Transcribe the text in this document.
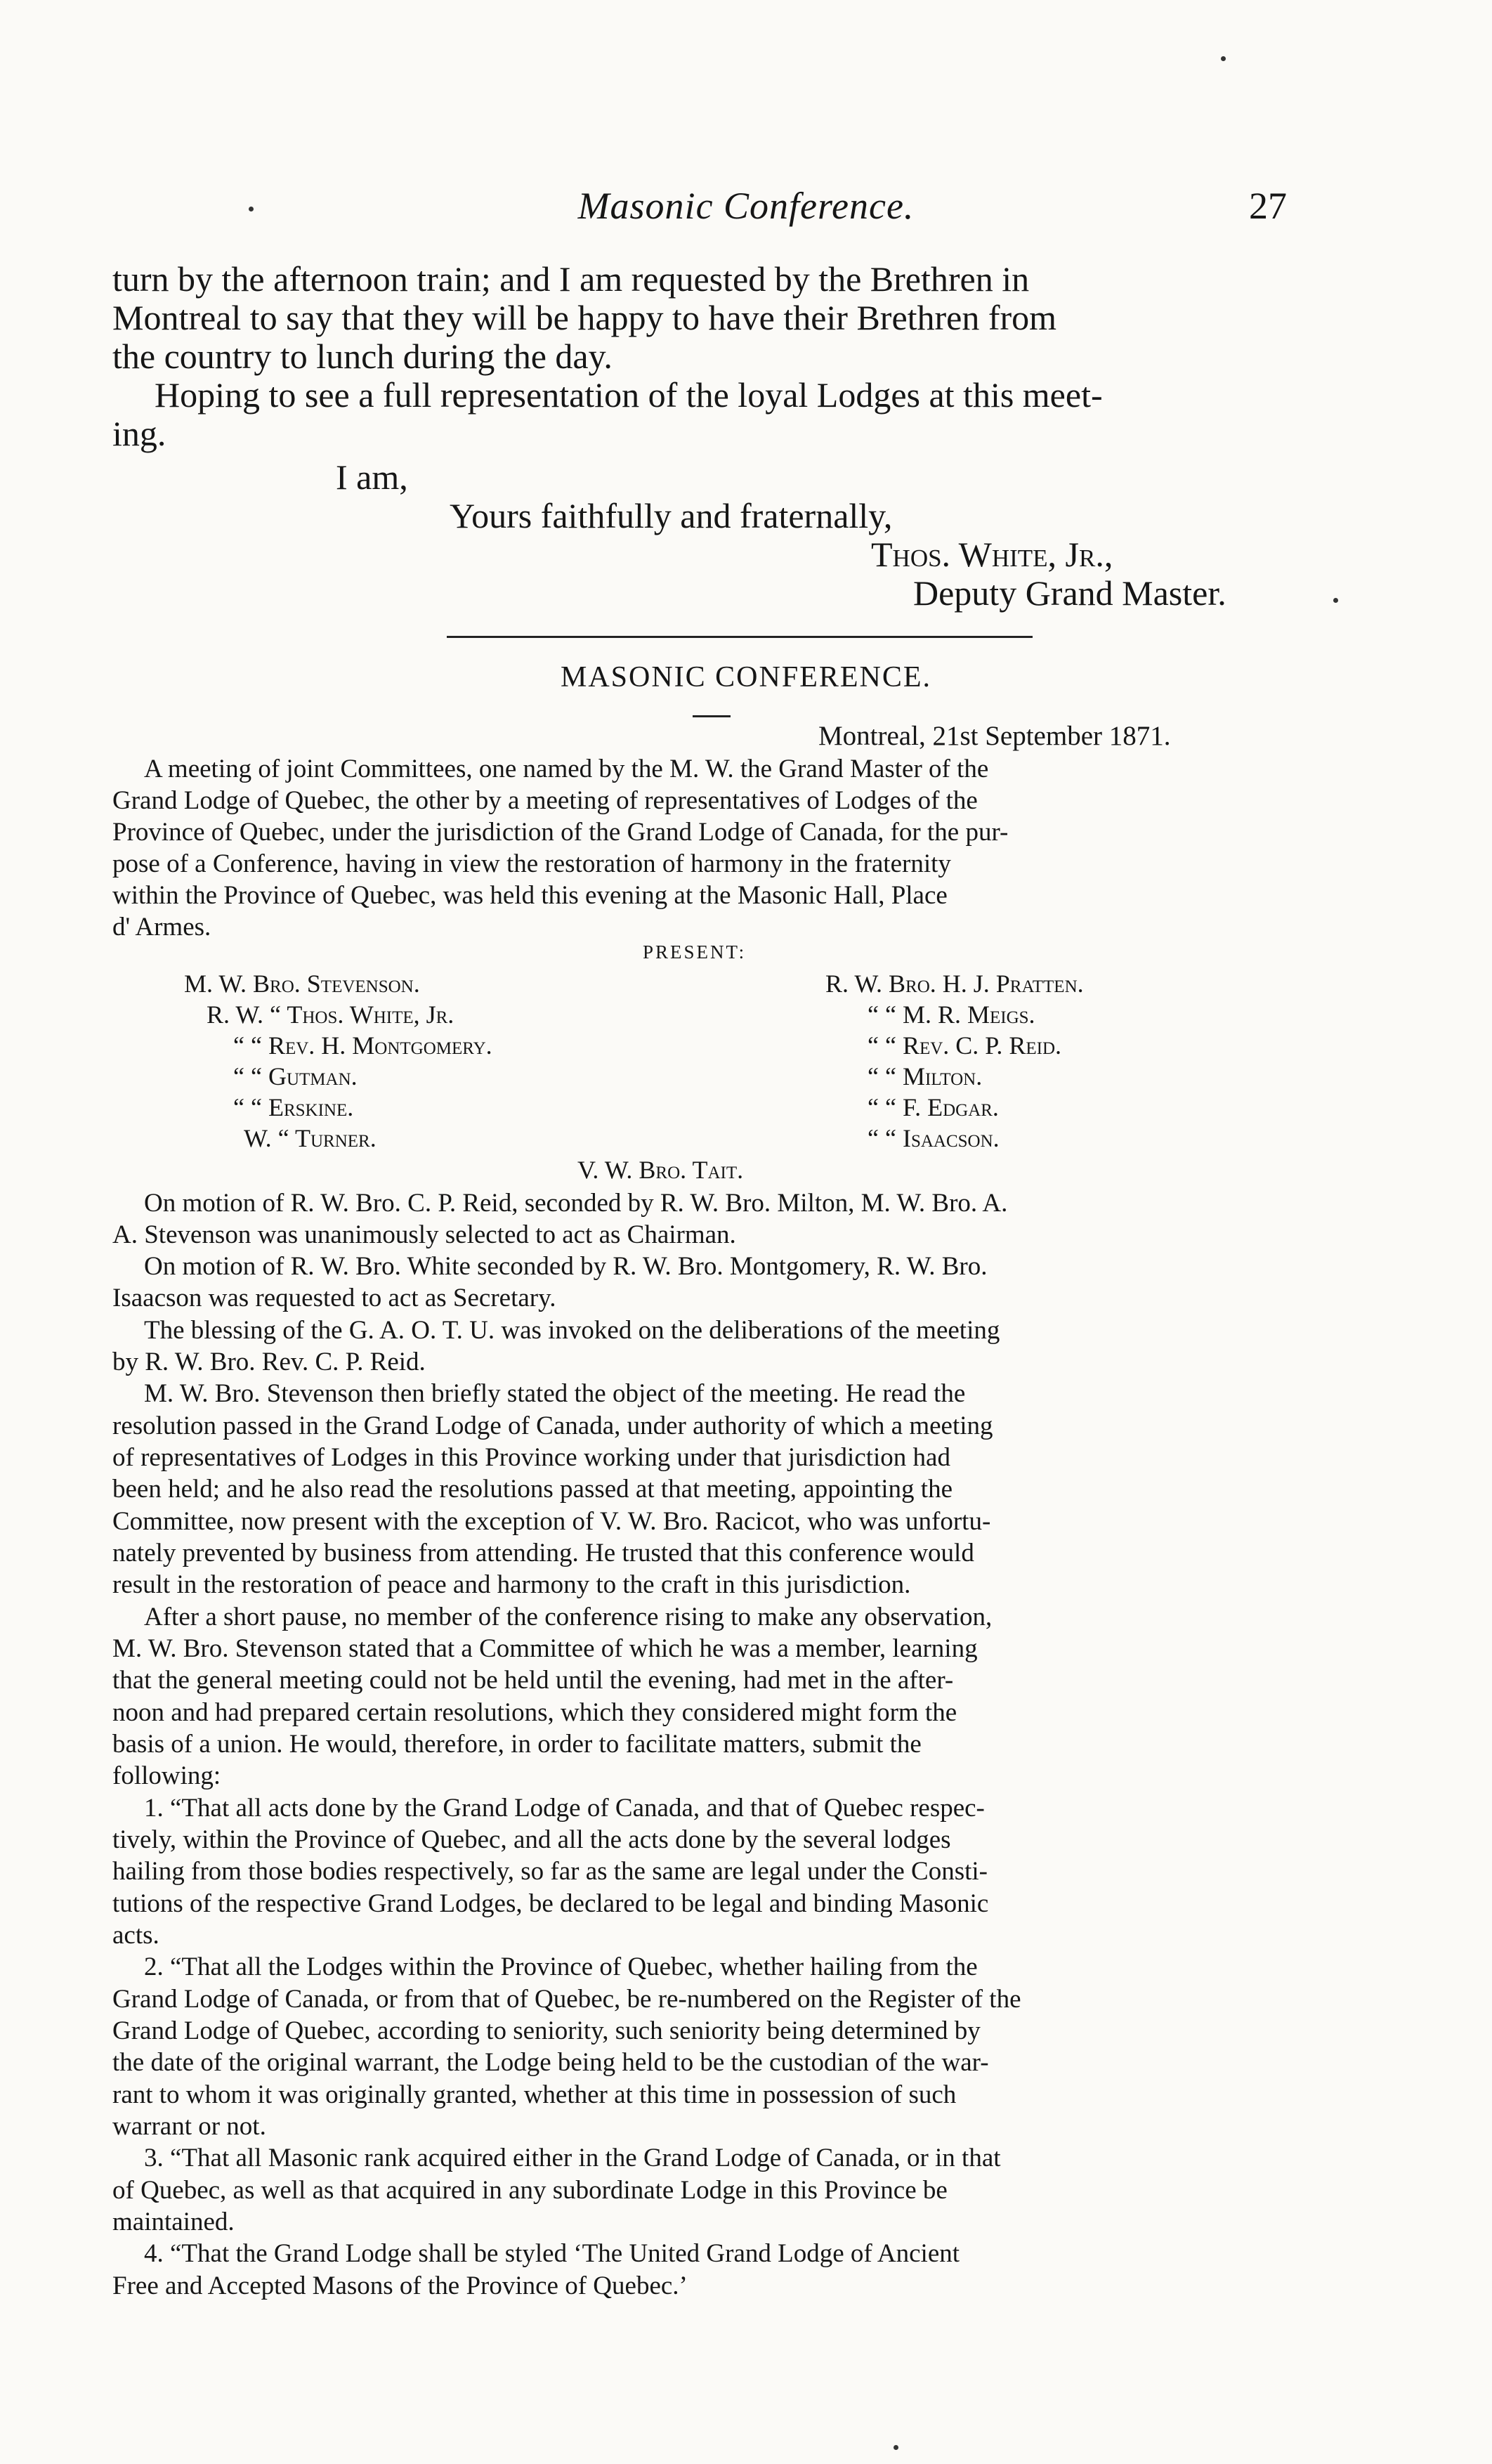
Masonic Conference.	27
turn by the afternoon train; and I am requested by the Brethren in
Montreal to say that they will be happy to have their Brethren from
the country to lunch during the day.
Hoping to see a full representation of the loyal Lodges at this meet-
ing.
I am,
Yours faithfully and fraternally,
Thos. White, Jr.,
Deputy Grand Master.
MASONIC CONFERENCE.
Montreal, 21st September 1871.
A meeting of joint Committees, one named by the M. W. the Grand Master of the
Grand Lodge of Quebec, the other by a meeting of representatives of Lodges of the
Province of Quebec, under the jurisdiction of the Grand Lodge of Canada, for the pur-
pose of a Conference, having in view the restoration of harmony in the fraternity
within the Province of Quebec, was held this evening at the Masonic Hall, Place
d' Armes.
PRESENT:
M. W. Bro. Stevenson.
R. W. “ Thos. White, Jr.
“ “ Rev. H. Montgomery.
“ “ Gutman.
“ “ Erskine.
W. “ Turner.
R. W. Bro. H. J. Pratten.
“ “ M. R. Meigs.
“ “ Rev. C. P. Reid.
“ “ Milton.
“ “ F. Edgar.
“ “ Isaacson.
V. W. Bro. Tait.
On motion of R. W. Bro. C. P. Reid, seconded by R. W. Bro. Milton, M. W. Bro. A.
A. Stevenson was unanimously selected to act as Chairman.
On motion of R. W. Bro. White seconded by R. W. Bro. Montgomery, R. W. Bro.
Isaacson was requested to act as Secretary.
The blessing of the G. A. O. T. U. was invoked on the deliberations of the meeting
by R. W. Bro. Rev. C. P. Reid.
M. W. Bro. Stevenson then briefly stated the object of the meeting. He read the
resolution passed in the Grand Lodge of Canada, under authority of which a meeting
of representatives of Lodges in this Province working under that jurisdiction had
been held; and he also read the resolutions passed at that meeting, appointing the
Committee, now present with the exception of V. W. Bro. Racicot, who was unfortu-
nately prevented by business from attending. He trusted that this conference would
result in the restoration of peace and harmony to the craft in this jurisdiction.
After a short pause, no member of the conference rising to make any observation,
M. W. Bro. Stevenson stated that a Committee of which he was a member, learning
that the general meeting could not be held until the evening, had met in the after-
noon and had prepared certain resolutions, which they considered might form the
basis of a union. He would, therefore, in order to facilitate matters, submit the
following:
1. “That all acts done by the Grand Lodge of Canada, and that of Quebec respec-
tively, within the Province of Quebec, and all the acts done by the several lodges
hailing from those bodies respectively, so far as the same are legal under the Consti-
tutions of the respective Grand Lodges, be declared to be legal and binding Masonic
acts.
2. “That all the Lodges within the Province of Quebec, whether hailing from the
Grand Lodge of Canada, or from that of Quebec, be re-numbered on the Register of the
Grand Lodge of Quebec, according to seniority, such seniority being determined by
the date of the original warrant, the Lodge being held to be the custodian of the war-
rant to whom it was originally granted, whether at this time in possession of such
warrant or not.
3. “That all Masonic rank acquired either in the Grand Lodge of Canada, or in that
of Quebec, as well as that acquired in any subordinate Lodge in this Province be
maintained.
4. “That the Grand Lodge shall be styled ‘The United Grand Lodge of Ancient
Free and Accepted Masons of the Province of Quebec.’
